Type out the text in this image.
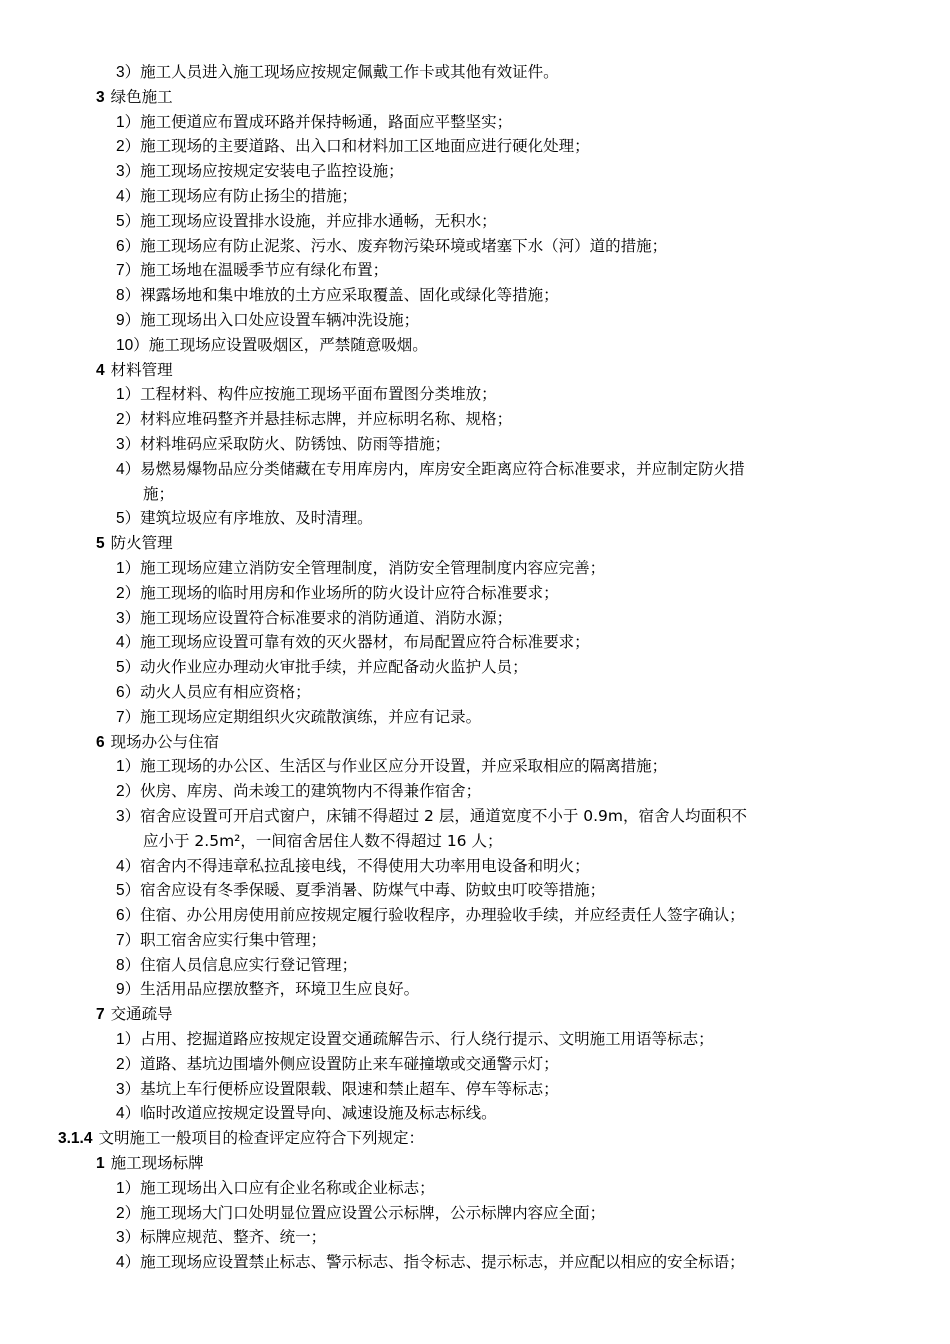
3）施工人员进入施工现场应按规定佩戴工作卡或其他有效证件。
3 绿色施工
1）施工便道应布置成环路并保持畅通，路面应平整坚实；
2）施工现场的主要道路、出入口和材料加工区地面应进行硬化处理；
3）施工现场应按规定安装电子监控设施；
4）施工现场应有防止扬尘的措施；
5）施工现场应设置排水设施，并应排水通畅，无积水；
6）施工现场应有防止泥浆、污水、废弃物污染环境或堵塞下水（河）道的措施；
7）施工场地在温暖季节应有绿化布置；
8）裸露场地和集中堆放的土方应采取覆盖、固化或绿化等措施；
9）施工现场出入口处应设置车辆冲洗设施；
10）施工现场应设置吸烟区，严禁随意吸烟。
4 材料管理
1）工程材料、构件应按施工现场平面布置图分类堆放；
2）材料应堆码整齐并悬挂标志牌，并应标明名称、规格；
3）材料堆码应采取防火、防锈蚀、防雨等措施；
4）易燃易爆物品应分类储藏在专用库房内，库房安全距离应符合标准要求，并应制定防火措
施；
5）建筑垃圾应有序堆放、及时清理。
5 防火管理
1）施工现场应建立消防安全管理制度，消防安全管理制度内容应完善；
2）施工现场的临时用房和作业场所的防火设计应符合标准要求；
3）施工现场应设置符合标准要求的消防通道、消防水源；
4）施工现场应设置可靠有效的灭火器材，布局配置应符合标准要求；
5）动火作业应办理动火审批手续，并应配备动火监护人员；
6）动火人员应有相应资格；
7）施工现场应定期组织火灾疏散演练，并应有记录。
6 现场办公与住宿
1）施工现场的办公区、生活区与作业区应分开设置，并应采取相应的隔离措施；
2）伙房、库房、尚未竣工的建筑物内不得兼作宿舍；
3）宿舍应设置可开启式窗户，床铺不得超过 2 层，通道宽度不小于 0.9m，宿舍人均面积不
应小于 2.5m²，一间宿舍居住人数不得超过 16 人；
4）宿舍内不得违章私拉乱接电线，不得使用大功率用电设备和明火；
5）宿舍应设有冬季保暖、夏季消暑、防煤气中毒、防蚊虫叮咬等措施；
6）住宿、办公用房使用前应按规定履行验收程序，办理验收手续，并应经责任人签字确认；
7）职工宿舍应实行集中管理；
8）住宿人员信息应实行登记管理；
9）生活用品应摆放整齐，环境卫生应良好。
7 交通疏导
1）占用、挖掘道路应按规定设置交通疏解告示、行人绕行提示、文明施工用语等标志；
2）道路、基坑边围墙外侧应设置防止来车碰撞墩或交通警示灯；
3）基坑上车行便桥应设置限载、限速和禁止超车、停车等标志；
4）临时改道应按规定设置导向、减速设施及标志标线。
3.1.4 文明施工一般项目的检查评定应符合下列规定：
1 施工现场标牌
1）施工现场出入口应有企业名称或企业标志；
2）施工现场大门口处明显位置应设置公示标牌，公示标牌内容应全面；
3）标牌应规范、整齐、统一；
4）施工现场应设置禁止标志、警示标志、指令标志、提示标志，并应配以相应的安全标语；
